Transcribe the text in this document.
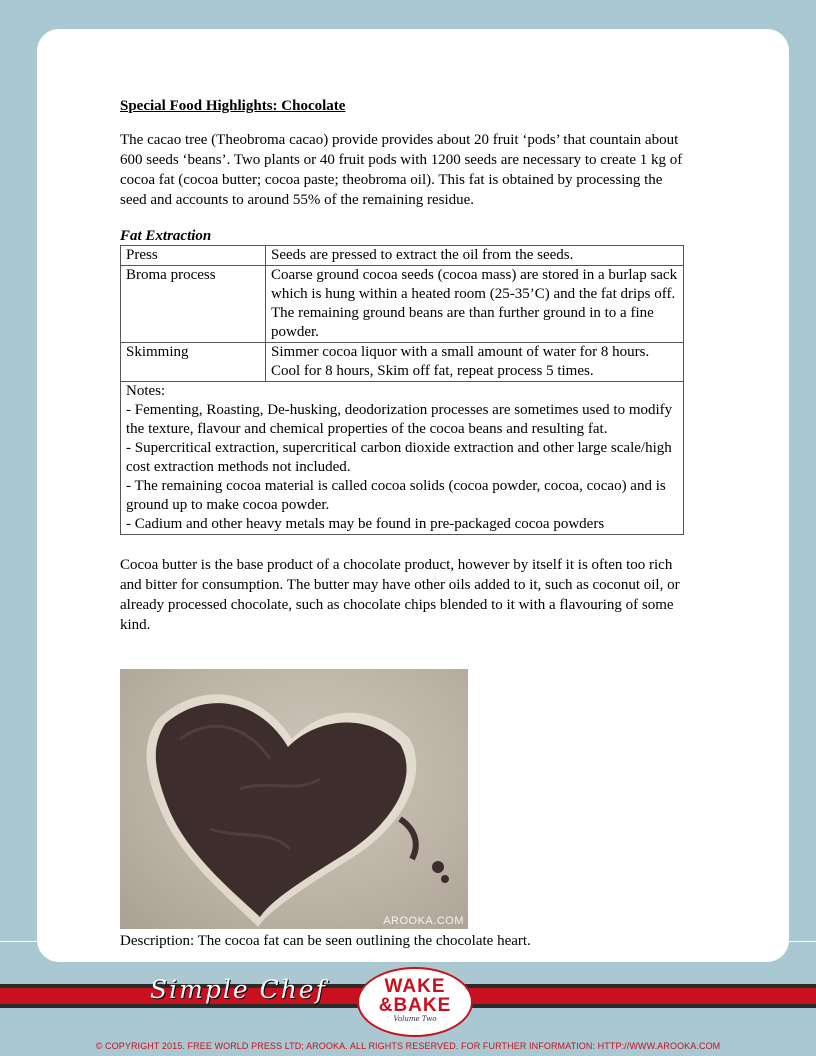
Special Food Highlights: Chocolate

The cacao tree (Theobroma cacao) provide provides about 20 fruit ‘pods’ that countain about 600 seeds ‘beans’. Two plants or 40 fruit pods with 1200 seeds are necessary to create 1 kg of cocoa fat (cocoa butter; cocoa paste; theobroma oil). This fat is obtained by processing the seed and accounts to around 55% of the remaining residue.

Fat Extraction
Press	Seeds are pressed to extract the oil from the seeds.

Broma process	Coarse ground cocoa seeds (cocoa mass) are stored in a burlap sack which is hung within a heated room (25-35’C) and the fat drips off.
The remaining ground beans are than further ground in to a fine powder.

Skimming	Simmer cocoa liquor with a small amount of water for 8 hours.
Cool for 8 hours, Skim off fat, repeat process 5 times.

Notes:
- Fementing, Roasting, De-husking, deodorization processes are sometimes used to modify the texture, flavour and chemical properties of the cocoa beans and resulting fat.
- Supercritical extraction, supercritical carbon dioxide extraction and other large scale/high cost extraction methods not included.
- The remaining cocoa material is called cocoa solids (cocoa powder, cocoa, cocao) and is ground up to make cocoa powder.
- Cadium and other heavy metals may be found in pre-packaged cocoa powders	

Cocoa butter is the base product of a chocolate product, however by itself it is often too rich and bitter for consumption. The butter may have other oils added to it, such as coconut oil, or already processed chocolate, such as chocolate chips blended to it with a flavouring of some kind.

AROOKA.COM
Description: The cocoa fat can be seen outlining the chocolate heart.
Simple Chef	WAKE
&BAKE
Volume Two
© COPYRIGHT 2015. FREE WORLD PRESS LTD; AROOKA. ALL RIGHTS RESERVED. FOR FURTHER INFORMATION: HTTP://WWW.AROOKA.COM
